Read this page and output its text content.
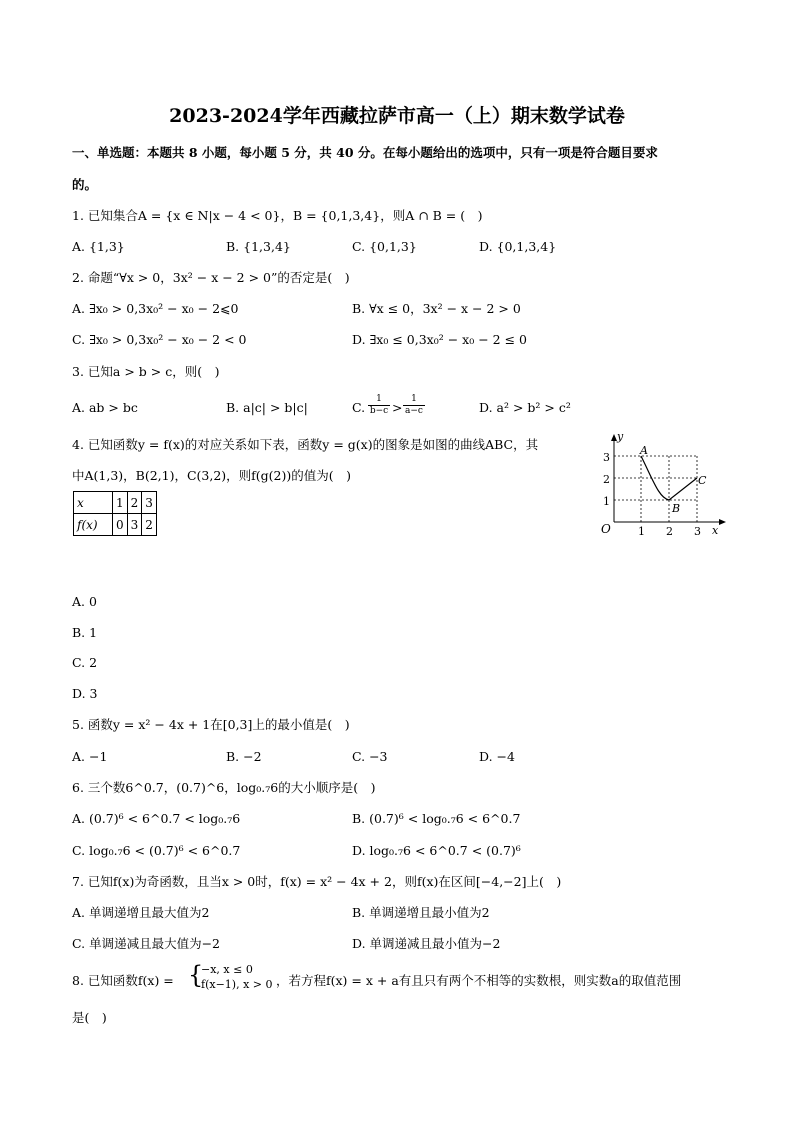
2023-2024学年西藏拉萨市高一（上）期末数学试卷
一、单选题：本题共 8 小题，每小题 5 分，共 40 分。在每小题给出的选项中，只有一项是符合题目要求
的。
1. 已知集合A = {x ∈ N|x − 4 < 0}，B = {0,1,3,4}，则A ∩ B = (　)
A. {1,3}	B. {1,3,4}	C. {0,1,3}	D. {0,1,3,4}
2. 命题“∀x > 0，3x² − x − 2 > 0”的否定是(　)
A. ∃x₀ > 0,3x₀² − x₀ − 2⩽0	B. ∀x ≤ 0，3x² − x − 2 > 0
C. ∃x₀ > 0,3x₀² − x₀ − 2 < 0	D. ∃x₀ ≤ 0,3x₀² − x₀ − 2 ≤ 0
3. 已知a > b > c，则(　)
A. ab > bc	B. a|c| > b|c|	C. $\frac{1}{b-c} > \frac{1}{a-c}$	D. a² > b² > c²
4. 已知函数y = f(x)的对应关系如下表，函数y = g(x)的图象是如图的曲线ABC，其
中A(1,3)，B(2,1)，C(3,2)，则f(g(2))的值为(　)
x	1	2	3
f(x)	0	3	2
y
x
O
3
2
1
1 2 3
A
B
C
A. 0
B. 1
C. 2
D. 3
5. 函数y = x² − 4x + 1在[0,3]上的最小值是(　)
A. −1	B. −2	C. −3	D. −4
6. 三个数6^0.7，(0.7)^6，log₀.₇6的大小顺序是(　)
A. (0.7)⁶ < 6^0.7 < log₀.₇6	B. (0.7)⁶ < log₀.₇6 < 6^0.7
C. log₀.₇6 < (0.7)⁶ < 6^0.7	D. log₀.₇6 < 6^0.7 < (0.7)⁶
7. 已知f(x)为奇函数，且当x > 0时，f(x) = x² − 4x + 2，则f(x)在区间[−4,−2]上(　)
A. 单调递增且最大值为2	B. 单调递增且最小值为2
C. 单调递减且最大值为−2	D. 单调递减且最小值为−2
8. 已知函数f(x) = {
−x, x ≤ 0
f(x−1), x > 0 ，若方程f(x) = x + a有且只有两个不相等的实数根，则实数a的取值范围
是(　)
